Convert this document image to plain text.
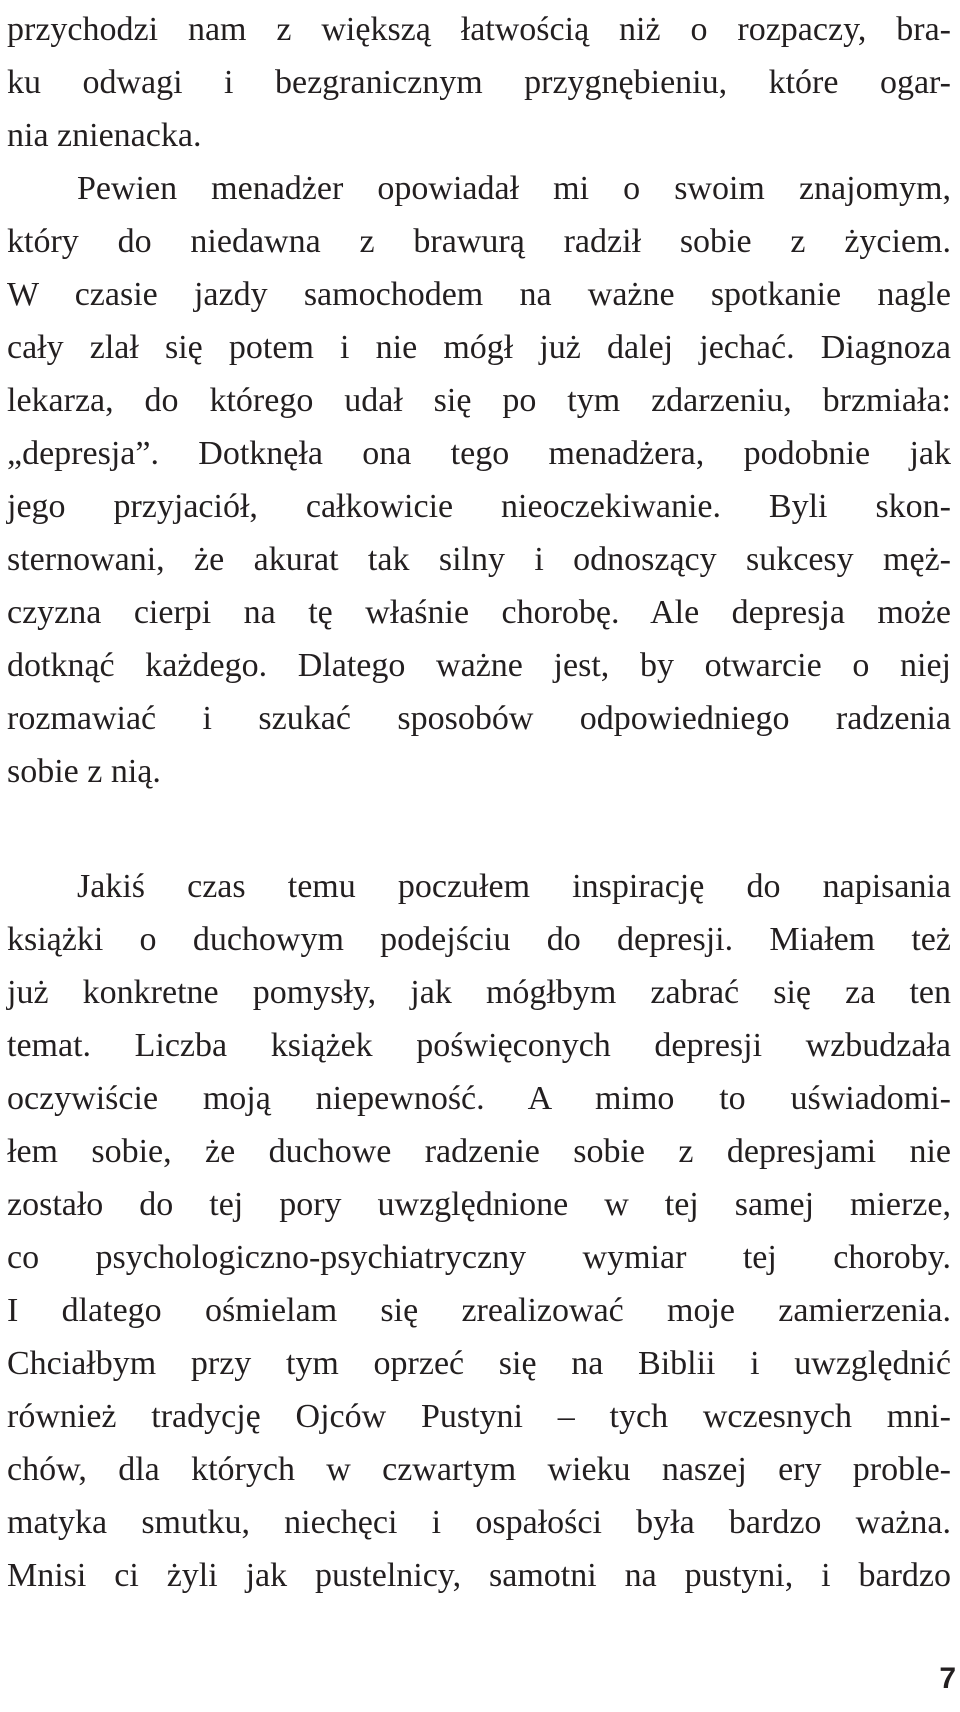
przychodzi nam z większą łatwością niż o rozpaczy, bra-
ku odwagi i bezgranicznym przygnębieniu, które ogar-
nia znienacka.
Pewien menadżer opowiadał mi o swoim znajomym,
który do niedawna z brawurą radził sobie z życiem.
W czasie jazdy samochodem na ważne spotkanie nagle
cały zlał się potem i nie mógł już dalej jechać. Diagnoza
lekarza, do którego udał się po tym zdarzeniu, brzmiała:
„depresja”. Dotknęła ona tego menadżera, podobnie jak
jego przyjaciół, całkowicie nieoczekiwanie. Byli skon-
sternowani, że akurat tak silny i odnoszący sukcesy męż-
czyzna cierpi na tę właśnie chorobę. Ale depresja może
dotknąć każdego. Dlatego ważne jest, by otwarcie o niej
rozmawiać i szukać sposobów odpowiedniego radzenia
sobie z nią.
Jakiś czas temu poczułem inspirację do napisania
książki o duchowym podejściu do depresji. Miałem też
już konkretne pomysły, jak mógłbym zabrać się za ten
temat. Liczba książek poświęconych depresji wzbudzała
oczywiście moją niepewność. A mimo to uświadomi-
łem sobie, że duchowe radzenie sobie z depresjami nie
zostało do tej pory uwzględnione w tej samej mierze,
co psychologiczno-psychiatryczny wymiar tej choroby.
I dlatego ośmielam się zrealizować moje zamierzenia.
Chciałbym przy tym oprzeć się na Biblii i uwzględnić
również tradycję Ojców Pustyni – tych wczesnych mni-
chów, dla których w czwartym wieku naszej ery proble-
matyka smutku, niechęci i ospałości była bardzo ważna.
Mnisi ci żyli jak pustelnicy, samotni na pustyni, i bardzo
7
